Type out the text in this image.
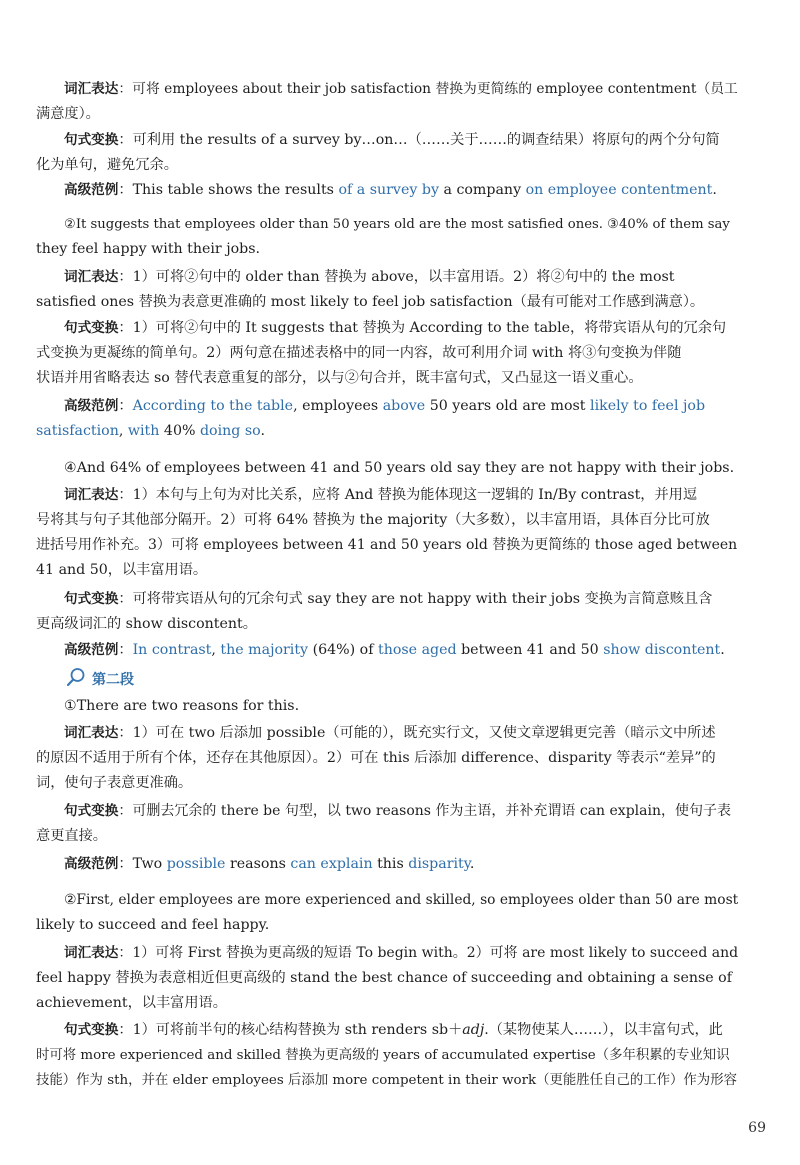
词汇表达：可将 employees about their job satisfaction 替换为更简练的 employee contentment（员工
满意度）。
句式变换：可利用 the results of a survey by…on…（……关于……的调查结果）将原句的两个分句简
化为单句，避免冗余。
高级范例：This table shows the results of a survey by a company on employee contentment.
②It suggests that employees older than 50 years old are the most satisfied ones. ③40% of them say
they feel happy with their jobs.
词汇表达：1）可将②句中的 older than 替换为 above，以丰富用语。2）将②句中的 the most
satisfied ones 替换为表意更准确的 most likely to feel job satisfaction（最有可能对工作感到满意）。
句式变换：1）可将②句中的 It suggests that 替换为 According to the table，将带宾语从句的冗余句
式变换为更凝练的简单句。2）两句意在描述表格中的同一内容，故可利用介词 with 将③句变换为伴随
状语并用省略表达 so 替代表意重复的部分，以与②句合并，既丰富句式，又凸显这一语义重心。
高级范例：According to the table, employees above 50 years old are most likely to feel job
satisfaction, with 40% doing so.
④And 64% of employees between 41 and 50 years old say they are not happy with their jobs.
词汇表达：1）本句与上句为对比关系，应将 And 替换为能体现这一逻辑的 In/By contrast，并用逗
号将其与句子其他部分隔开。2）可将 64% 替换为 the majority（大多数），以丰富用语，具体百分比可放
进括号用作补充。3）可将 employees between 41 and 50 years old 替换为更简练的 those aged between
41 and 50，以丰富用语。
句式变换：可将带宾语从句的冗余句式 say they are not happy with their jobs 变换为言简意赅且含
更高级词汇的 show discontent。
高级范例：In contrast, the majority (64%) of those aged between 41 and 50 show discontent.
第二段
①There are two reasons for this.
词汇表达：1）可在 two 后添加 possible（可能的），既充实行文，又使文章逻辑更完善（暗示文中所述
的原因不适用于所有个体，还存在其他原因）。2）可在 this 后添加 difference、disparity 等表示“差异”的
词，使句子表意更准确。
句式变换：可删去冗余的 there be 句型，以 two reasons 作为主语，并补充谓语 can explain，使句子表
意更直接。
高级范例：Two possible reasons can explain this disparity.
②First, elder employees are more experienced and skilled, so employees older than 50 are most
likely to succeed and feel happy.
词汇表达：1）可将 First 替换为更高级的短语 To begin with。2）可将 are most likely to succeed and
feel happy 替换为表意相近但更高级的 stand the best chance of succeeding and obtaining a sense of
achievement，以丰富用语。
句式变换：1）可将前半句的核心结构替换为 sth renders sb＋adj.（某物使某人……），以丰富句式，此
时可将 more experienced and skilled 替换为更高级的 years of accumulated expertise（多年积累的专业知识
技能）作为 sth，并在 elder employees 后添加 more competent in their work（更能胜任自己的工作）作为形容
69
